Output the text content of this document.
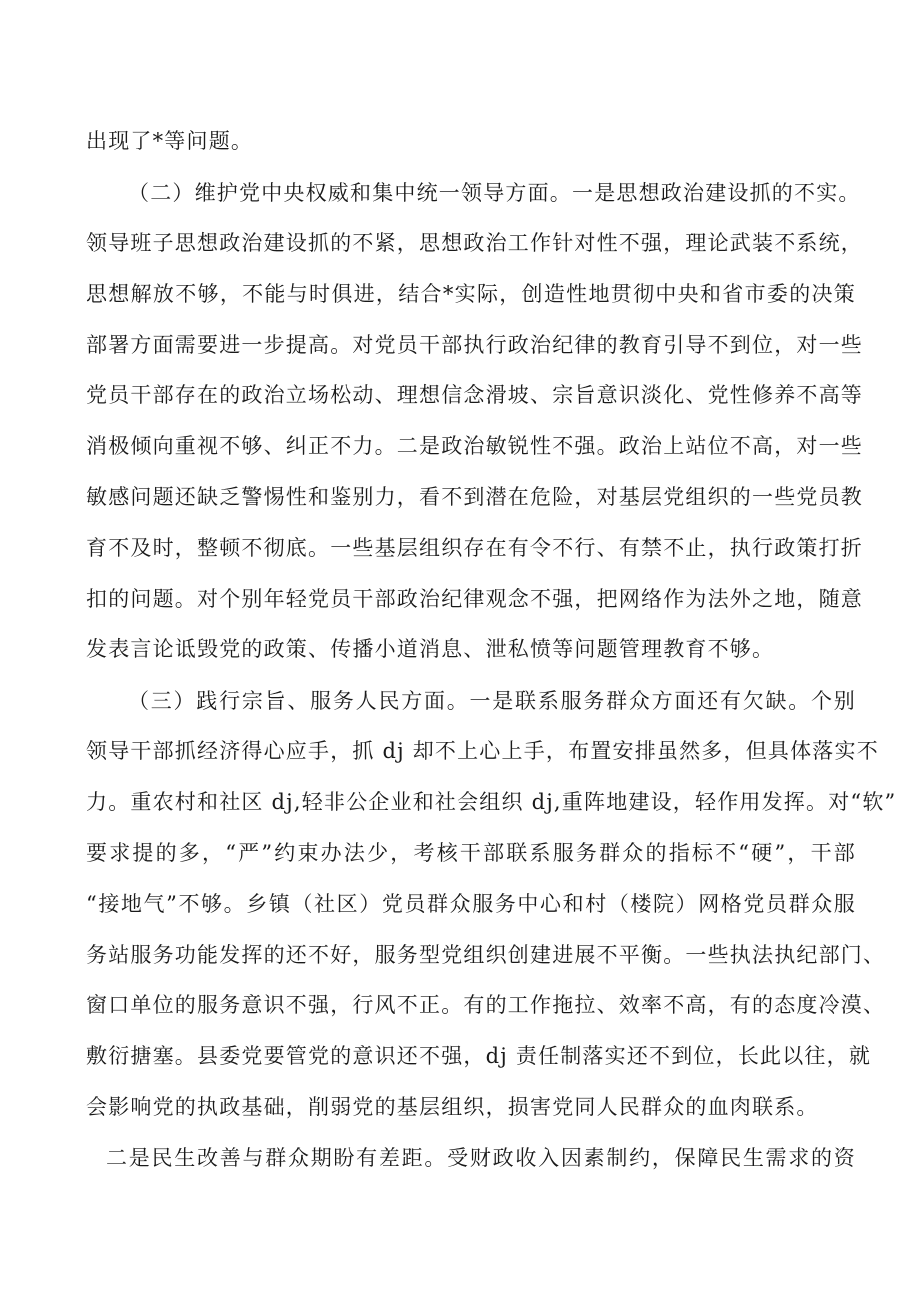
出现了*等问题。
（二）维护党中央权威和集中统一领导方面。一是思想政治建设抓的不实。
领导班子思想政治建设抓的不紧，思想政治工作针对性不强，理论武装不系统，
思想解放不够，不能与时俱进，结合*实际，创造性地贯彻中央和省市委的决策
部署方面需要进一步提高。对党员干部执行政治纪律的教育引导不到位，对一些
党员干部存在的政治立场松动、理想信念滑坡、宗旨意识淡化、党性修养不高等
消极倾向重视不够、纠正不力。二是政治敏锐性不强。政治上站位不高，对一些
敏感问题还缺乏警惕性和鉴别力，看不到潜在危险，对基层党组织的一些党员教
育不及时，整顿不彻底。一些基层组织存在有令不行、有禁不止，执行政策打折
扣的问题。对个别年轻党员干部政治纪律观念不强，把网络作为法外之地，随意
发表言论诋毁党的政策、传播小道消息、泄私愤等问题管理教育不够。
（三）践行宗旨、服务人民方面。一是联系服务群众方面还有欠缺。个别
领导干部抓经济得心应手，抓 dj 却不上心上手，布置安排虽然多，但具体落实不
力。重农村和社区 dj,轻非公企业和社会组织 dj,重阵地建设，轻作用发挥。对“软”
要求提的多，“严”约束办法少，考核干部联系服务群众的指标不“硬”，干部
“接地气”不够。乡镇（社区）党员群众服务中心和村（楼院）网格党员群众服
务站服务功能发挥的还不好，服务型党组织创建进展不平衡。一些执法执纪部门、
窗口单位的服务意识不强，行风不正。有的工作拖拉、效率不高，有的态度冷漠、
敷衍搪塞。县委党要管党的意识还不强，dj 责任制落实还不到位，长此以往，就
会影响党的执政基础，削弱党的基层组织，损害党同人民群众的血肉联系。
二是民生改善与群众期盼有差距。受财政收入因素制约，保障民生需求的资
